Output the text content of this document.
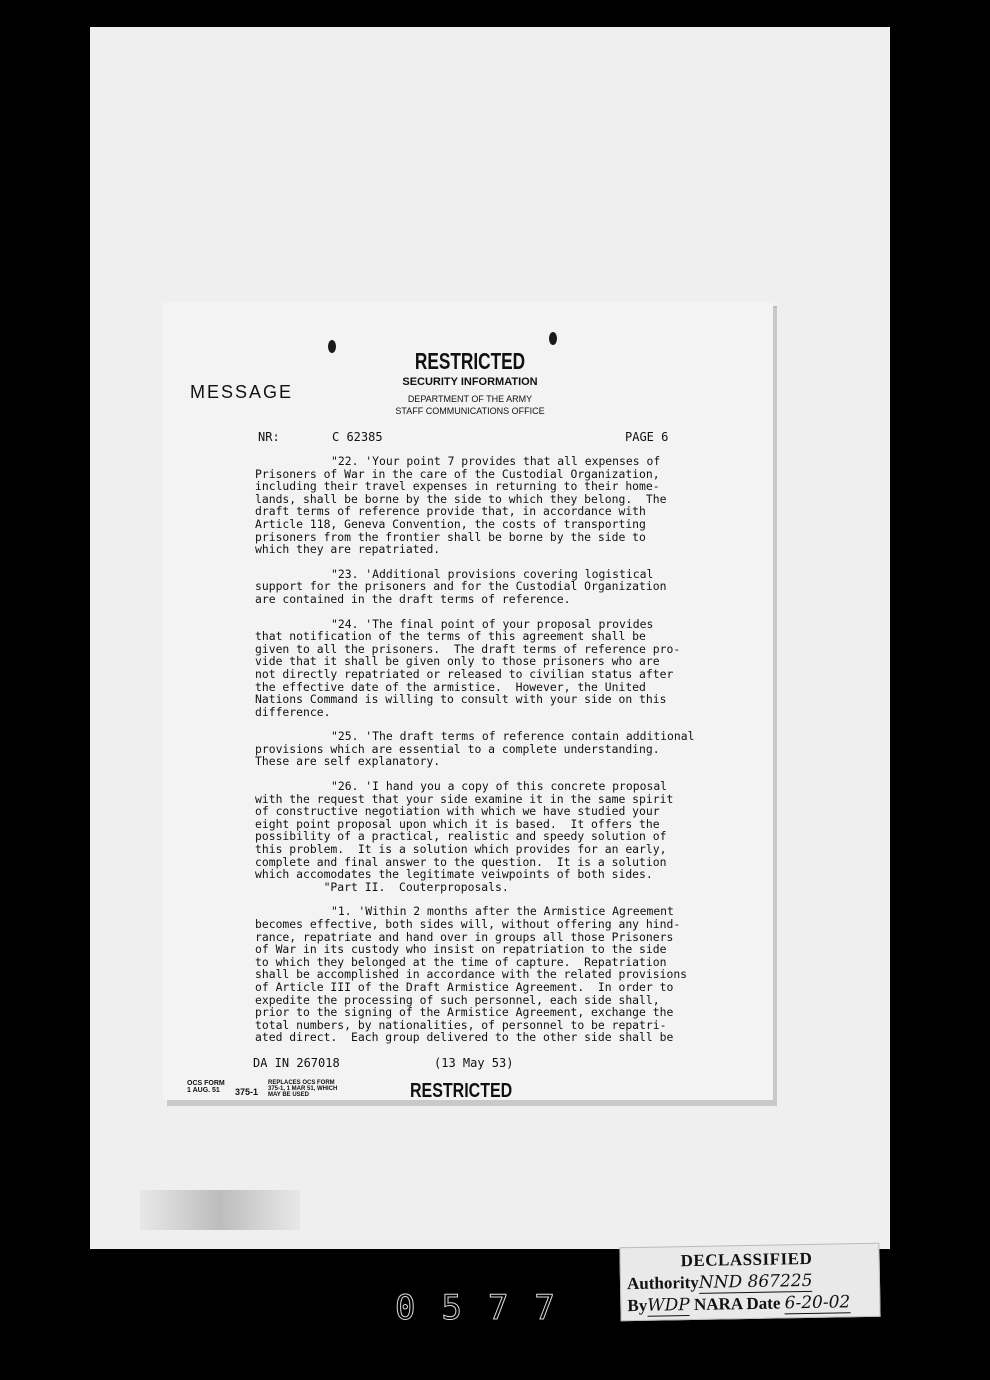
MESSAGE
RESTRICTED
SECURITY INFORMATION
DEPARTMENT OF THE ARMY
STAFF COMMUNICATIONS OFFICE
NR:	C 62385	PAGE 6
"22. 'Your point 7 provides that all expenses of
Prisoners of War in the care of the Custodial Organization,
including their travel expenses in returning to their home-
lands, shall be borne by the side to which they belong.  The
draft terms of reference provide that, in accordance with
Article 118, Geneva Convention, the costs of transporting
prisoners from the frontier shall be borne by the side to
which they are repatriated.
"23. 'Additional provisions covering logistical
support for the prisoners and for the Custodial Organization
are contained in the draft terms of reference.
"24. 'The final point of your proposal provides
that notification of the terms of this agreement shall be
given to all the prisoners.  The draft terms of reference pro-
vide that it shall be given only to those prisoners who are
not directly repatriated or released to civilian status after
the effective date of the armistice.  However, the United
Nations Command is willing to consult with your side on this
difference.
"25. 'The draft terms of reference contain additional
provisions which are essential to a complete understanding.
These are self explanatory.
"26. 'I hand you a copy of this concrete proposal
with the request that your side examine it in the same spirit
of constructive negotiation with which we have studied your
eight point proposal upon which it is based.  It offers the
possibility of a practical, realistic and speedy solution of
this problem.  It is a solution which provides for an early,
complete and final answer to the question.  It is a solution
which accomodates the legitimate veiwpoints of both sides.
"Part II.  Couterproposals.
"1. 'Within 2 months after the Armistice Agreement
becomes effective, both sides will, without offering any hind-
rance, repatriate and hand over in groups all those Prisoners
of War in its custody who insist on repatriation to the side
to which they belonged at the time of capture.  Repatriation
shall be accomplished in accordance with the related provisions
of Article III of the Draft Armistice Agreement.  In order to
expedite the processing of such personnel, each side shall,
prior to the signing of the Armistice Agreement, exchange the
total numbers, by nationalities, of personnel to be repatri-
ated direct.  Each group delivered to the other side shall be
DA IN 267018	(13 May 53)
OCS FORM
1 AUG. 51	375-1
REPLACES OCS FORM
375-1, 1 MAR 51, WHICH
MAY BE USED	RESTRICTED
0577
DECLASSIFIED
AuthorityNND 867225
ByWDP NARA Date 6-20-02
